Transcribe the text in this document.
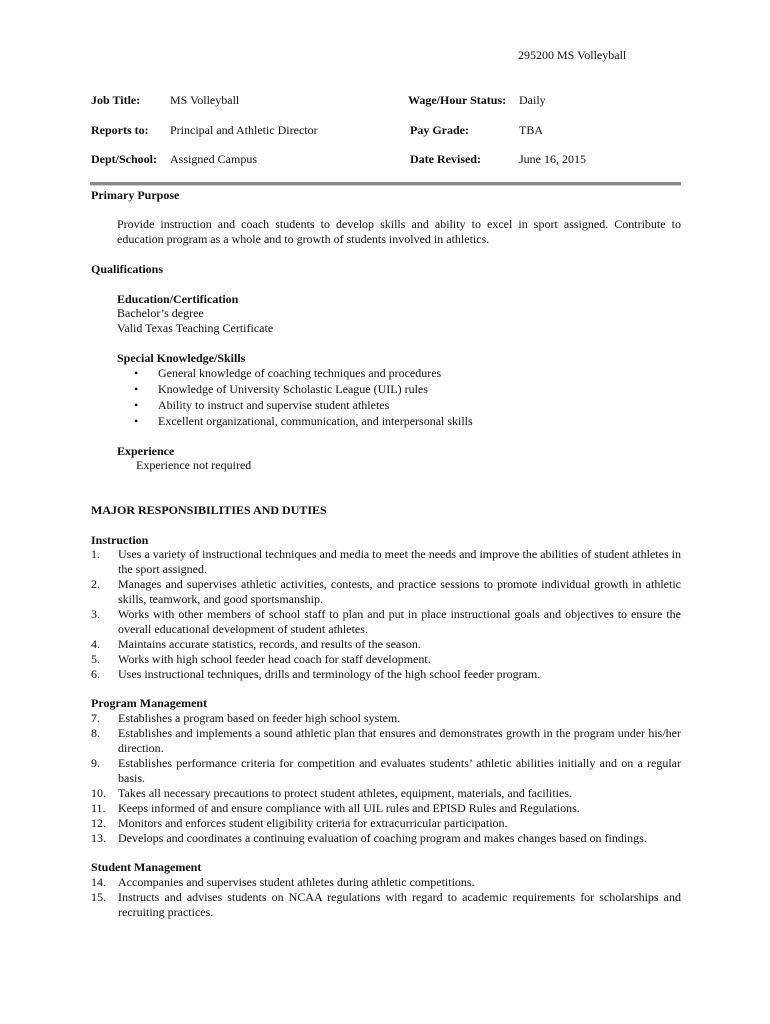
295200 MS Volleyball
Job Title: MS Volleyball
Reports to: Principal and Athletic Director
Dept/School: Assigned Campus
Wage/Hour Status: Daily
Pay Grade:	TBA
Date Revised:	June 16, 2015
Primary Purpose
Provide instruction and coach students to develop skills and ability to excel in sport assigned. Contribute to education program as a whole and to growth of students involved in athletics.
Qualifications
Education/Certification
Bachelor’s degree
Valid Texas Teaching Certificate
Special Knowledge/Skills
• General knowledge of coaching techniques and procedures
• Knowledge of University Scholastic League (UIL) rules
• Ability to instruct and supervise student athletes
• Excellent organizational, communication, and interpersonal skills
Experience
Experience not required
MAJOR RESPONSIBILITIES AND DUTIES
Instruction
1. Uses a variety of instructional techniques and media to meet the needs and improve the abilities of student athletes in the sport assigned.
2. Manages and supervises athletic activities, contests, and practice sessions to promote individual growth in athletic skills, teamwork, and good sportsmanship.
3. Works with other members of school staff to plan and put in place instructional goals and objectives to ensure the overall educational development of student athletes.
4. Maintains accurate statistics, records, and results of the season.
5. Works with high school feeder head coach for staff development.
6. Uses instructional techniques, drills and terminology of the high school feeder program.
Program Management
7. Establishes a program based on feeder high school system.
8. Establishes and implements a sound athletic plan that ensures and demonstrates growth in the program under his/her direction.
9. Establishes performance criteria for competition and evaluates students’ athletic abilities initially and on a regular basis.
10. Takes all necessary precautions to protect student athletes, equipment, materials, and facilities.
11. Keeps informed of and ensure compliance with all UIL rules and EPISD Rules and Regulations.
12. Monitors and enforces student eligibility criteria for extracurricular participation.
13. Develops and coordinates a continuing evaluation of coaching program and makes changes based on findings.
Student Management
14. Accompanies and supervises student athletes during athletic competitions.
15. Instructs and advises students on NCAA regulations with regard to academic requirements for scholarships and recruiting practices.
